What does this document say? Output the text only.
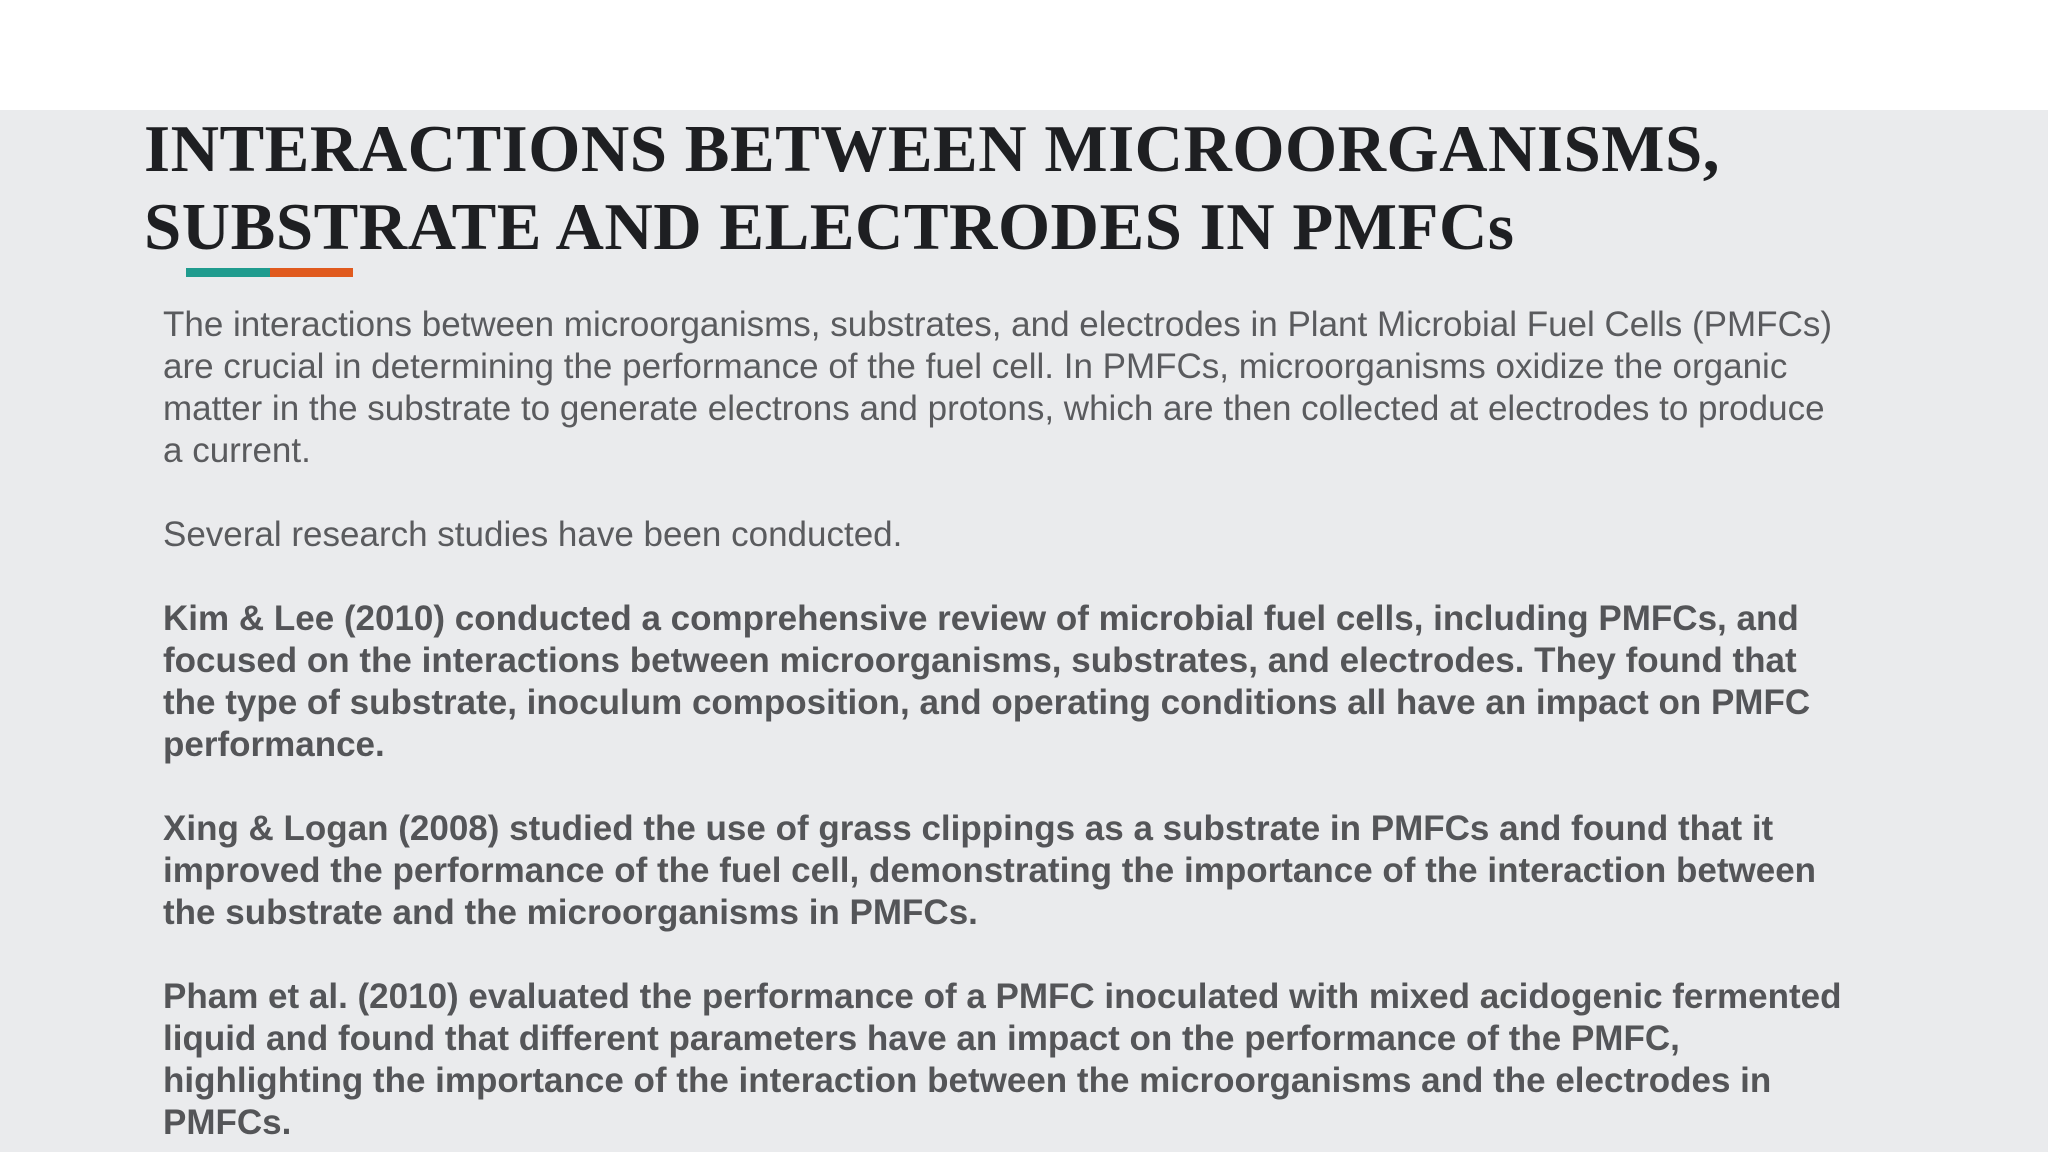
INTERACTIONS BETWEEN MICROORGANISMS,
SUBSTRATE AND ELECTRODES IN PMFCs

The interactions between microorganisms, substrates, and electrodes in Plant Microbial Fuel Cells (PMFCs) are crucial in determining the performance of the fuel cell. In PMFCs, microorganisms oxidize the organic matter in the substrate to generate electrons and protons, which are then collected at electrodes to produce a current.

Several research studies have been conducted.

Kim & Lee (2010) conducted a comprehensive review of microbial fuel cells, including PMFCs, and focused on the interactions between microorganisms, substrates, and electrodes. They found that the type of substrate, inoculum composition, and operating conditions all have an impact on PMFC performance.

Xing & Logan (2008) studied the use of grass clippings as a substrate in PMFCs and found that it improved the performance of the fuel cell, demonstrating the importance of the interaction between the substrate and the microorganisms in PMFCs.

Pham et al. (2010) evaluated the performance of a PMFC inoculated with mixed acidogenic fermented liquid and found that different parameters have an impact on the performance of the PMFC, highlighting the importance of the interaction between the microorganisms and the electrodes in PMFCs.
